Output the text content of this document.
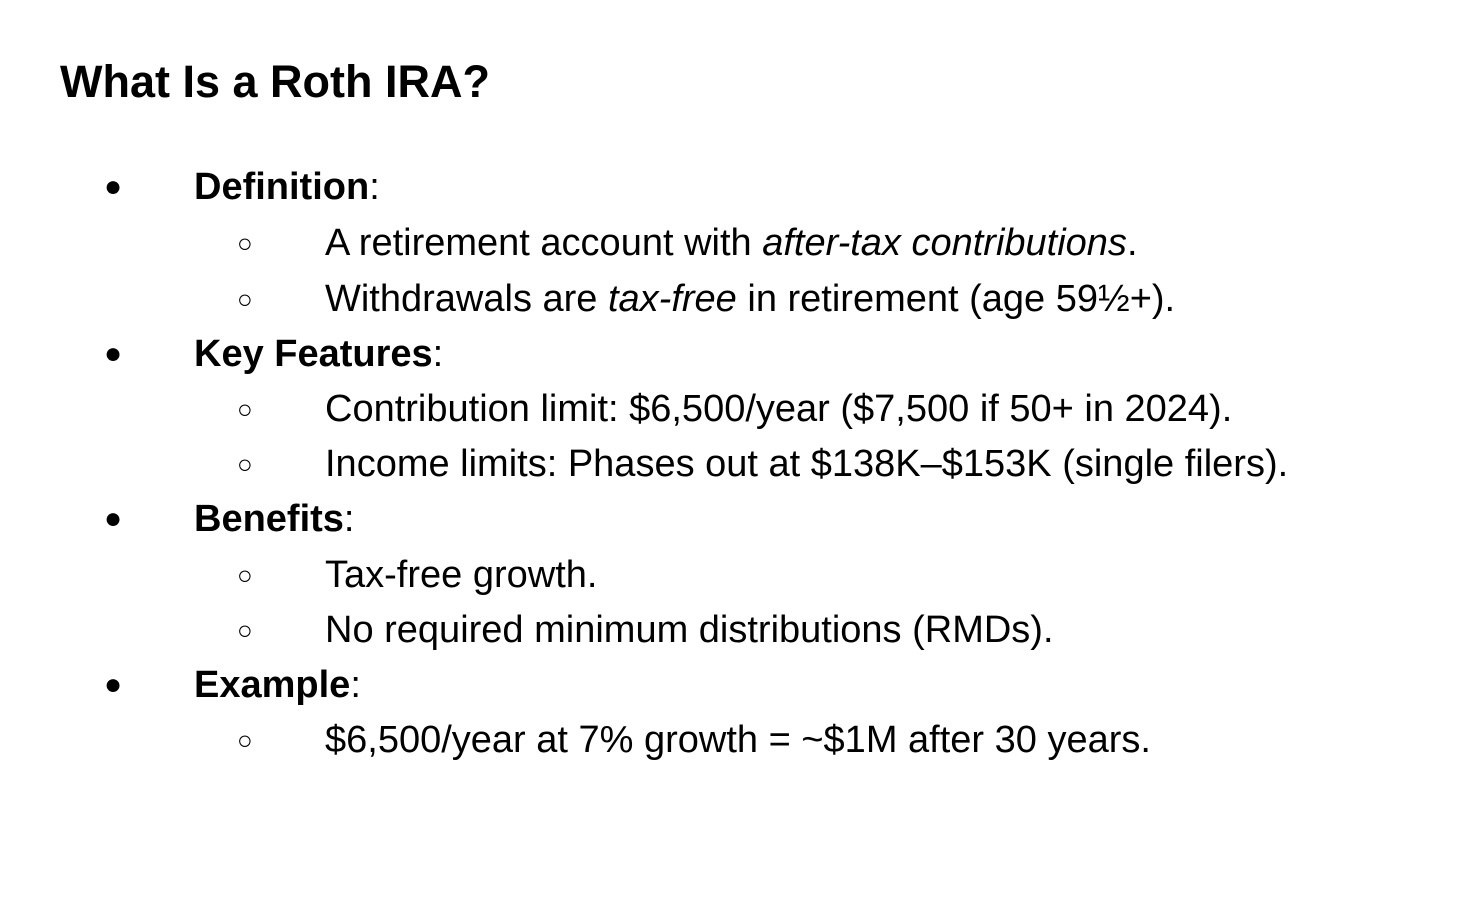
What Is a Roth IRA?
● Definition:
○ A retirement account with after-tax contributions.
○ Withdrawals are tax-free in retirement (age 59½+).
● Key Features:
○ Contribution limit: $6,500/year ($7,500 if 50+ in 2024).
○ Income limits: Phases out at $138K–$153K (single filers).
● Benefits:
○ Tax-free growth.
○ No required minimum distributions (RMDs).
● Example:
○ $6,500/year at 7% growth = ~$1M after 30 years.
